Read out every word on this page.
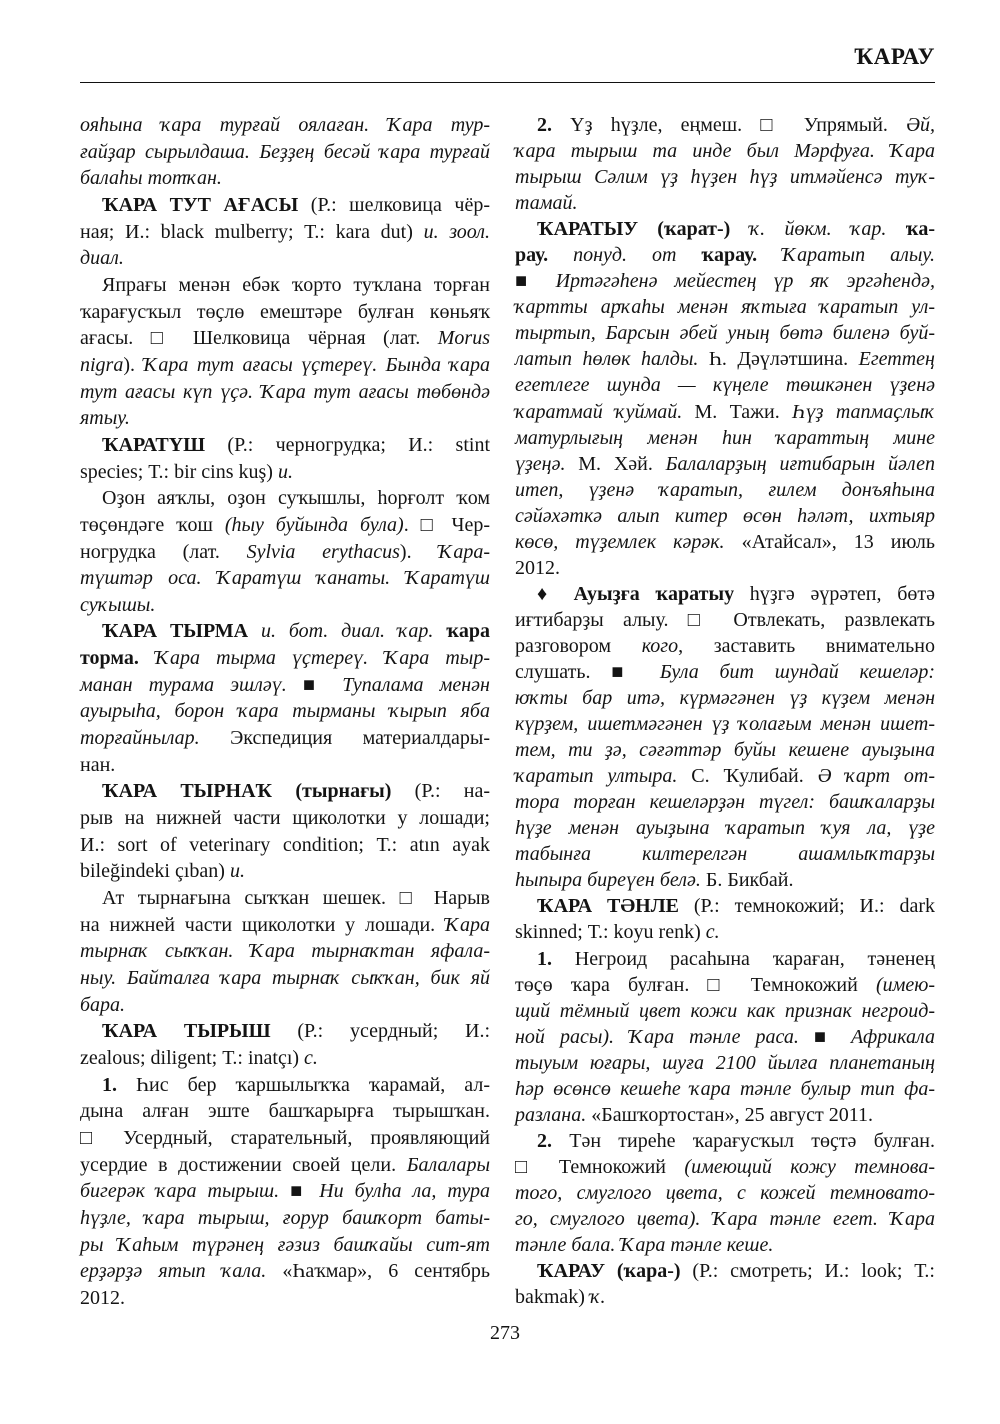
ҠАРАУ
ояһына ҡара турғай оялаған. Ҡара тур-
ғайҙар сырылдаша. Беҙҙең бесәй ҡара турғай
балаһы тотҡан.
ҠАРА ТУТ АҒАСЫ (Р.: шелковица чёр-
ная; И.: black mulberry; Т.: kara dut) и. зоол.
диал.
Япрағы менән ебәк ҡорто туҡлана торған
ҡарағусҡыл төҫлө емештәре булған көньяҡ
ағасы. □ Шелковица чёрная (лат. Morus
nigra). Ҡара тут ағасы үҫтереү. Бында ҡара
тут ағасы күп үҫә. Ҡара тут ағасы төбөндә
ятыу.
ҠАРАТҮШ (Р.: черногрудка; И.: stint
species; Т.: bir cins kuş) и.
Оҙон аяҡлы, оҙон суҡышлы, һорғолт ҡом
төҫөндәге ҡош (һыу буйында була). □ Чер-
ногрудка (лат. Sylvia erythacus). Ҡара-
түштәр оса. Ҡаратүш ҡанаты. Ҡаратүш
суҡышы.
ҠАРА ТЫРМА и. бот. диал. ҡар. ҡара
торма. Ҡара тырма үҫтереү. Ҡара тыр-
манан турама эшләү. ■ Тупалама менән
ауырыһа, борон ҡара тырманы ҡырып яба
торғайнылар. Экспедиция материалдары-
нан.
ҠАРА ТЫРНАҠ (тырнағы) (Р.: на-
рыв на нижней части щиколотки у лошади;
И.: sort of veterinary condition; Т.: atın ayak
bileğindeki çıban) и.
Ат тырнағына сыҡҡан шешек. □ Нарыв
на нижней части щиколотки у лошади. Ҡара
тырнаҡ сыҡҡан. Ҡара тырнаҡтан яфала-
ныу. Байталға ҡара тырнаҡ сыҡҡан, бик яй
бара.
ҠАРА ТЫРЫШ (Р.: усердный; И.:
zealous; diligent; Т.: inatçı) с.
1. Һис бер ҡаршылыҡҡа ҡарамай, ал-
дына алған эште башҡарырға тырышҡан.
□ Усердный, старательный, проявляющий
усердие в достижении своей цели. Балалары
бигерәк ҡара тырыш. ■ Ни булһа ла, тура
һүҙле, ҡара тырыш, ғорур башҡорт баты-
ры Ҡаһым түрәнең ғәзиз башҡайы сит-ят
ерҙәрҙә ятып ҡала. «Һаҡмар», 6 сентябрь
2012.
2. Үҙ һүҙле, еңмеш. □ Упрямый. Әй,
ҡара тырыш та инде был Мәрфуға. Ҡара
тырыш Сәлим үҙ һүҙен һүҙ итмәйенсә туҡ-
тамай.
ҠАРАТЫУ (ҡарат-) ҡ. йөкм. ҡар. ҡа-
рау. понуд. от ҡарау. Ҡаратып алыу.
■ Иртәгәһенә мейестең үр яҡ эргәһендә,
ҡартты арҡаһы менән яҡтыға ҡаратып ул-
тыртып, Барсын әбей уның бөтә биленә буй-
латып һөлөк һалды. Һ. Дәүләтшина. Егеттең
егетлеге шунда — күңеле төшкәнен үҙенә
ҡаратмай ҡуймай. М. Тажи. Һүҙ тапмаҫлыҡ
матурлығың менән һин ҡараттың мине
үҙеңә. М. Хәй. Балаларҙың иғтибарын йәлеп
итеп, үҙенә ҡаратып, ғилем донъяһына
сәйәхәткә алып китер өсөн һәләт, ихтыяр
көсө, түҙемлек кәрәк. «Атайсал», 13 июль
2012.
♦ Ауыҙға ҡаратыу һүҙгә әүрәтеп, бөтә
иғтибарҙы алыу. □ Отвлекать, развлекать
разговором кого, заставить внимательно
слушать. ■ Була бит шундай кешеләр:
юҡты бар итә, күрмәгәнен үҙ күҙем менән
күрҙем, ишетмәгәнен үҙ ҡолағым менән ишет-
тем, ти ҙә, сәғәттәр буйы кешене ауыҙына
ҡаратып ултыра. С. Ҡулибай. Ә ҡарт от-
тора торған кешеләрҙән түгел: башҡаларҙы
һүҙе менән ауыҙына ҡаратып ҡуя ла, үҙе
табынға килтерелгән ашамлыҡтарҙы
һыпыра биреүен белә. Б. Бикбай.
ҠАРА ТӘНЛЕ (Р.: темнокожий; И.: dark
skinned; Т.: koyu renk) с.
1. Негроид расаһына ҡараған, тәненең
төҫө ҡара булған. □ Темнокожий (имею-
щий тёмный цвет кожи как признак негроид-
ной расы). Ҡара тәнле раса. ■ Африкала
тыуым юғары, шуға 2100 йылға планетаның
һәр өсөнсө кешеһе ҡара тәнле булыр тип фа-
разлана. «Башҡортостан», 25 август 2011.
2. Тән тиреһе ҡарағусҡыл төҫтә булған.
□ Темнокожий (имеющий кожу темнова-
того, смуглого цвета, с кожей темновато-
го, смуглого цвета). Ҡара тәнле егет. Ҡара
тәнле бала. Ҡара тәнле кеше.
ҠАРАУ (ҡара-) (Р.: смотреть; И.: look; Т.:
bakmak) ҡ.
273
